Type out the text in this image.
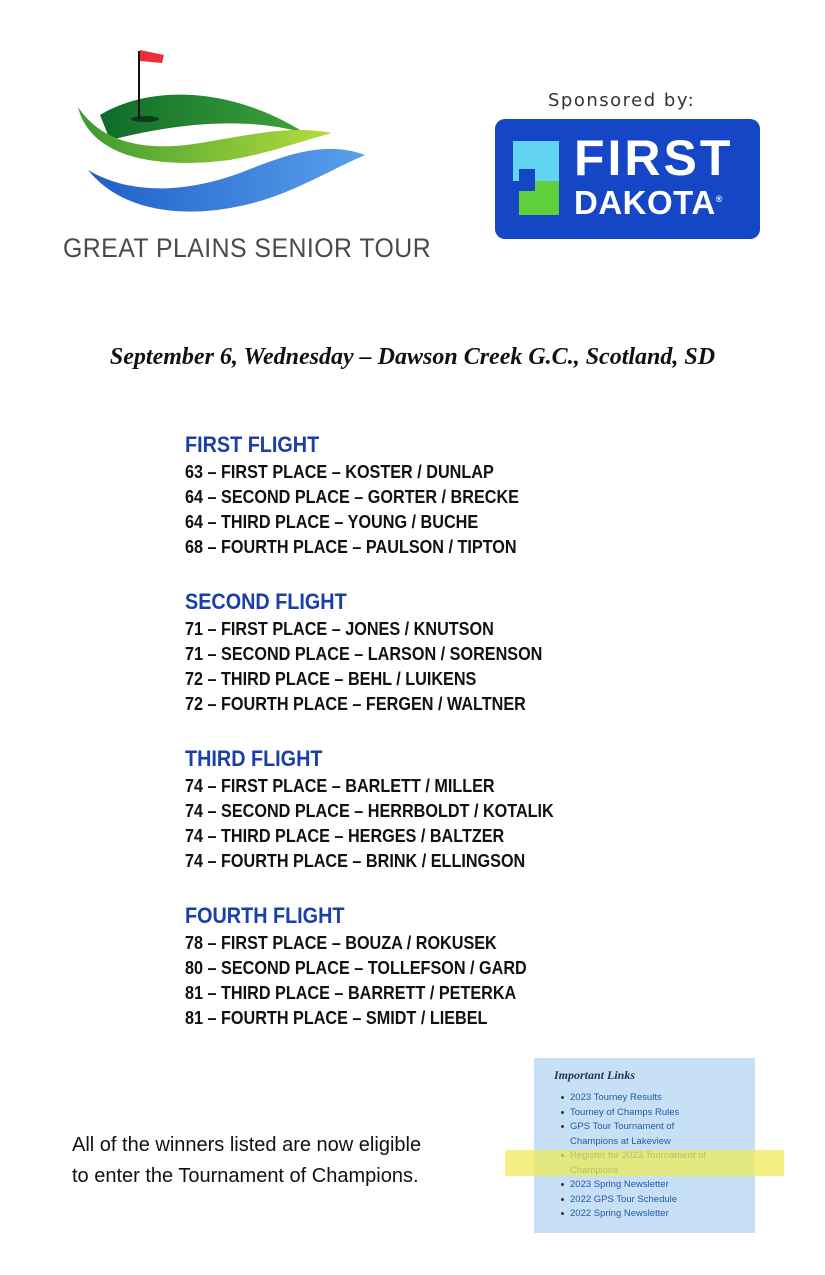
GREAT PLAINS SENIOR TOUR
Sponsored by:
FIRST
DAKOTA®
September 6, Wednesday – Dawson Creek G.C., Scotland, SD
FIRST FLIGHT
63 – FIRST PLACE – KOSTER / DUNLAP
64 – SECOND PLACE – GORTER / BRECKE
64 – THIRD PLACE – YOUNG / BUCHE
68 – FOURTH PLACE – PAULSON / TIPTON
SECOND FLIGHT
71 – FIRST PLACE – JONES / KNUTSON
71 – SECOND PLACE – LARSON / SORENSON
72 – THIRD PLACE – BEHL / LUIKENS
72 – FOURTH PLACE – FERGEN / WALTNER
THIRD FLIGHT
74 – FIRST PLACE – BARLETT / MILLER
74 – SECOND PLACE – HERRBOLDT / KOTALIK
74 – THIRD PLACE – HERGES / BALTZER
74 – FOURTH PLACE – BRINK / ELLINGSON
FOURTH FLIGHT
78 – FIRST PLACE – BOUZA / ROKUSEK
80 – SECOND PLACE – TOLLEFSON / GARD
81 – THIRD PLACE – BARRETT / PETERKA
81 – FOURTH PLACE – SMIDT / LIEBEL
All of the winners listed are now eligible
to enter the Tournament of Champions.
Important Links
2023 Tourney Results
Tourney of Champs Rules
GPS Tour Tournament of
Champions at Lakeview
2023 Spring Newsletter
2022 GPS Tour Schedule
2022 Spring Newsletter
